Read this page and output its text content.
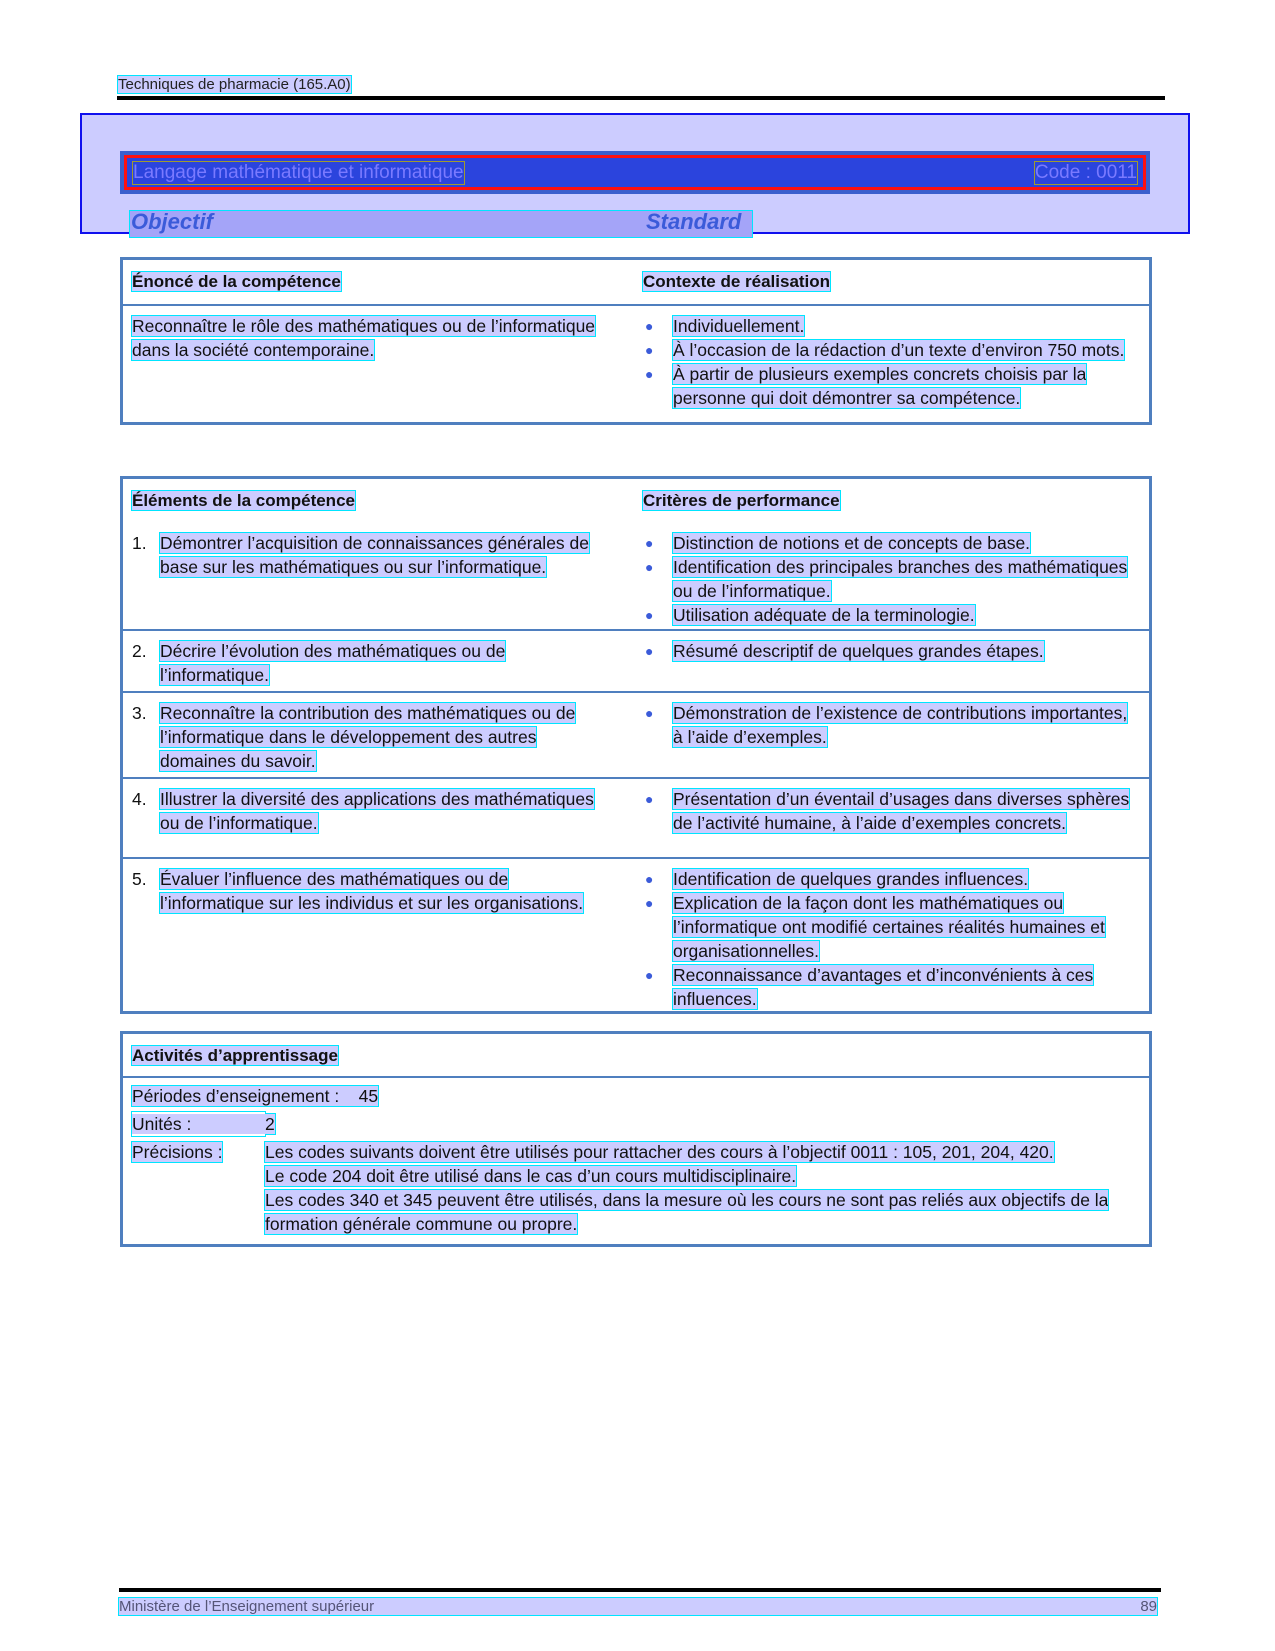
Techniques de pharmacie (165.A0)
Langage mathématique et informatique	Code : 0011
Objectif	Standard
Énoncé de la compétence	Contexte de réalisation
Reconnaître le rôle des mathématiques ou de l’informatique dans la société contemporaine.
● Individuellement.
● À l’occasion de la rédaction d’un texte d’environ 750 mots.
● À partir de plusieurs exemples concrets choisis par la personne qui doit démontrer sa compétence.
Éléments de la compétence	Critères de performance
1. Démontrer l’acquisition de connaissances générales de base sur les mathématiques ou sur l’informatique.
● Distinction de notions et de concepts de base.
● Identification des principales branches des mathématiques ou de l’informatique.
● Utilisation adéquate de la terminologie.
2. Décrire l’évolution des mathématiques ou de l’informatique.
● Résumé descriptif de quelques grandes étapes.
3. Reconnaître la contribution des mathématiques ou de l’informatique dans le développement des autres domaines du savoir.
● Démonstration de l’existence de contributions importantes, à l’aide d’exemples.
4. Illustrer la diversité des applications des mathématiques ou de l’informatique.
● Présentation d’un éventail d’usages dans diverses sphères de l’activité humaine, à l’aide d’exemples concrets.
5. Évaluer l’influence des mathématiques ou de l’informatique sur les individus et sur les organisations.
● Identification de quelques grandes influences.
● Explication de la façon dont les mathématiques ou l’informatique ont modifié certaines réalités humaines et organisationnelles.
● Reconnaissance d’avantages et d’inconvénients à ces influences.
Activités d’apprentissage
Périodes d’enseignement : 45
Unités :	2
Précisions :	Les codes suivants doivent être utilisés pour rattacher des cours à l’objectif 0011 : 105, 201, 204, 420.
Le code 204 doit être utilisé dans le cas d’un cours multidisciplinaire.
Les codes 340 et 345 peuvent être utilisés, dans la mesure où les cours ne sont pas reliés aux objectifs de la formation générale commune ou propre.
Ministère de l’Enseignement supérieur	89
